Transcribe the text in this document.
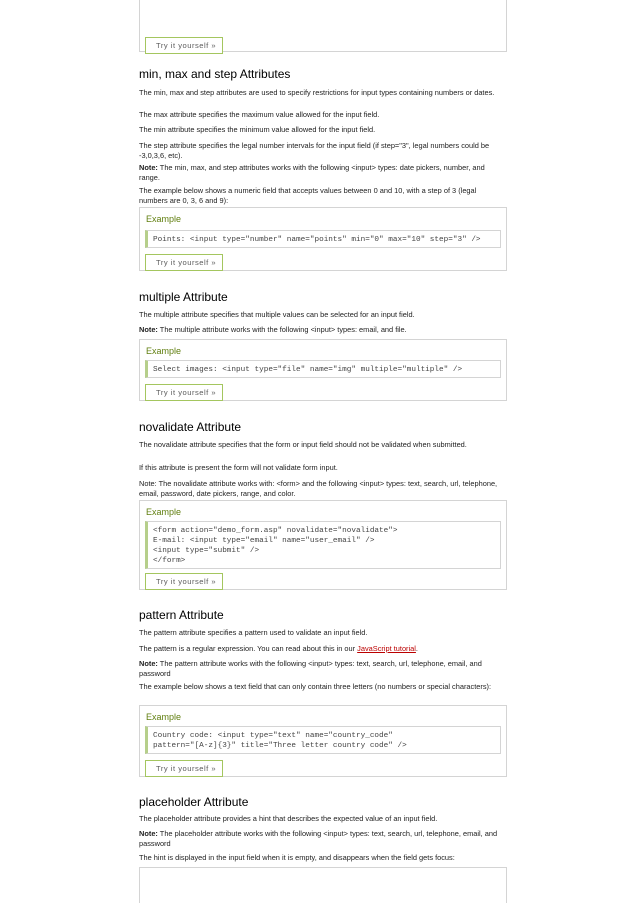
Try it yourself »
min, max and step Attributes

The min, max and step attributes are used to specify restrictions for input types containing numbers or dates.

The max attribute specifies the maximum value allowed for the input field.

The min attribute specifies the minimum value allowed for the input field.

The step attribute specifies the legal number intervals for the input field (if step="3", legal numbers could be -3,0,3,6, etc).

Note: The min, max, and step attributes works with the following <input> types: date pickers, number, and range.

The example below shows a numeric field that accepts values between 0 and 10, with a step of 3 (legal numbers are 0, 3, 6 and 9):

Example
Points: <input type="number" name="points" min="0" max="10" step="3" />
Try it yourself »
multiple Attribute

The multiple attribute specifies that multiple values can be selected for an input field.

Note: The multiple attribute works with the following <input> types: email, and file.

Example
Select images: <input type="file" name="img" multiple="multiple" />
Try it yourself »
novalidate Attribute

The novalidate attribute specifies that the form or input field should not be validated when submitted.

If this attribute is present the form will not validate form input.

Note: The novalidate attribute works with: <form> and the following <input> types: text, search, url, telephone, email, password, date pickers, range, and color.

Example
<form action="demo_form.asp" novalidate="novalidate">
E-mail: <input type="email" name="user_email" />
<input type="submit" />
</form>
Try it yourself »
pattern Attribute

The pattern attribute specifies a pattern used to validate an input field.

The pattern is a regular expression. You can read about this in our JavaScript tutorial.

Note: The pattern attribute works with the following <input> types: text, search, url, telephone, email, and password

The example below shows a text field that can only contain three letters (no numbers or special characters):

Example
Country code: <input type="text" name="country_code"
pattern="[A-z]{3}" title="Three letter country code" />
Try it yourself »
placeholder Attribute

The placeholder attribute provides a hint that describes the expected value of an input field.

Note: The placeholder attribute works with the following <input> types: text, search, url, telephone, email, and password

The hint is displayed in the input field when it is empty, and disappears when the field gets focus:
